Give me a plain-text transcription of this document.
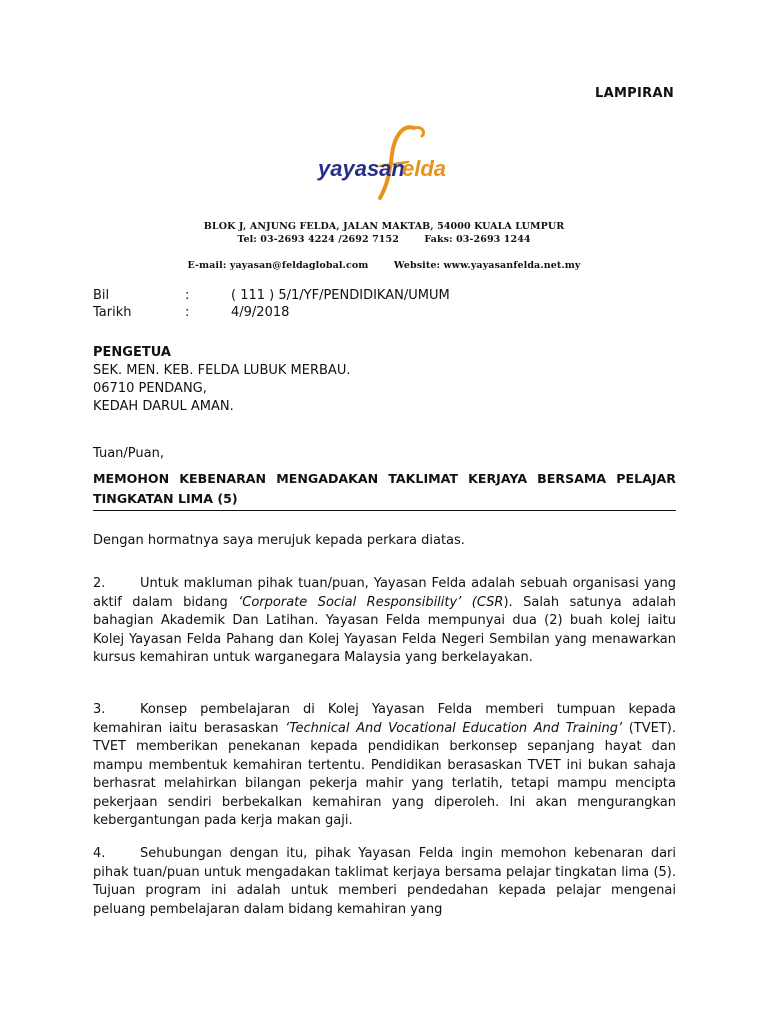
LAMPIRAN
yayasan
elda
BLOK J, ANJUNG FELDA, JALAN MAKTAB, 54000 KUALA LUMPUR
Tel: 03-2693 4224 /2692 7152	Faks: 03-2693 1244
E-mail: yayasan@feldaglobal.com	Website: www.yayasanfelda.net.my
Bil	:	( 111 ) 5/1/YF/PENDIDIKAN/UMUM
Tarikh	:	4/9/2018
PENGETUA
SEK. MEN. KEB. FELDA LUBUK MERBAU.
06710 PENDANG,
KEDAH DARUL AMAN.
Tuan/Puan,
MEMOHON KEBENARAN MENGADAKAN TAKLIMAT KERJAYA BERSAMA PELAJAR TINGKATAN LIMA (5)
Dengan hormatnya saya merujuk kepada perkara diatas.
2.	Untuk makluman pihak tuan/puan, Yayasan Felda adalah sebuah organisasi yang aktif dalam bidang ‘Corporate Social Responsibility’ (CSR). Salah satunya adalah bahagian Akademik Dan Latihan. Yayasan Felda mempunyai dua (2) buah kolej iaitu Kolej Yayasan Felda Pahang dan Kolej Yayasan Felda Negeri Sembilan yang menawarkan kursus kemahiran untuk warganegara Malaysia yang berkelayakan.
3.	Konsep pembelajaran di Kolej Yayasan Felda memberi tumpuan kepada kemahiran iaitu berasaskan ‘Technical And Vocational Education And Training’ (TVET). TVET memberikan penekanan kepada pendidikan berkonsep sepanjang hayat dan mampu membentuk kemahiran tertentu. Pendidikan berasaskan TVET ini bukan sahaja berhasrat melahirkan bilangan pekerja mahir yang terlatih, tetapi mampu mencipta pekerjaan sendiri berbekalkan kemahiran yang diperoleh. Ini akan mengurangkan kebergantungan pada kerja makan gaji.
4.	Sehubungan dengan itu, pihak Yayasan Felda ingin memohon kebenaran dari pihak tuan/puan untuk mengadakan taklimat kerjaya bersama pelajar tingkatan lima (5). Tujuan program ini adalah untuk memberi pendedahan kepada pelajar mengenai peluang pembelajaran dalam bidang kemahiran yang
